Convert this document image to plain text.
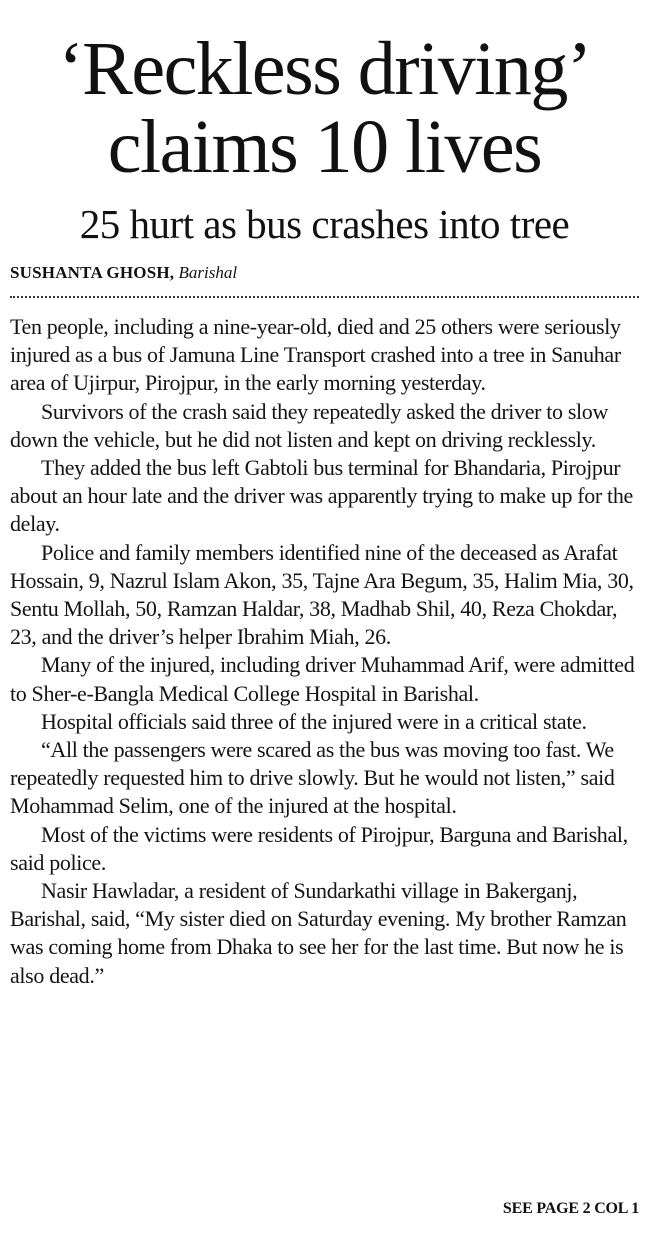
‘Reckless driving’
claims 10 lives
25 hurt as bus crashes into tree
SUSHANTA GHOSH, Barishal

Ten people, including a nine-year-old, died and 25 others were seriously injured as a bus of Jamuna Line Transport crashed into a tree in Sanuhar area of Ujirpur, Pirojpur, in the early morning yesterday.

Survivors of the crash said they repeatedly asked the driver to slow down the vehicle, but he did not listen and kept on driving recklessly.

They added the bus left Gabtoli bus terminal for Bhandaria, Pirojpur about an hour late and the driver was apparently trying to make up for the delay.

Police and family members identified nine of the deceased as Arafat Hossain, 9, Nazrul Islam Akon, 35, Tajne Ara Begum, 35, Halim Mia, 30, Sentu Mollah, 50, Ramzan Haldar, 38, Madhab Shil, 40, Reza Chokdar, 23, and the driver’s helper Ibrahim Miah, 26.

Many of the injured, including driver Muhammad Arif, were admitted to Sher-e-Bangla Medical College Hospital in Barishal.

Hospital officials said three of the injured were in a critical state.

“All the passengers were scared as the bus was moving too fast. We repeatedly requested him to drive slowly. But he would not listen,” said Mohammad Selim, one of the injured at the hospital.

Most of the victims were residents of Pirojpur, Barguna and Barishal, said police.

Nasir Hawladar, a resident of Sundarkathi village in Bakerganj, Barishal, said, “My sister died on Saturday evening. My brother Ramzan was coming home from Dhaka to see her for the last time. But now he is also dead.”

SEE PAGE 2 COL 1
